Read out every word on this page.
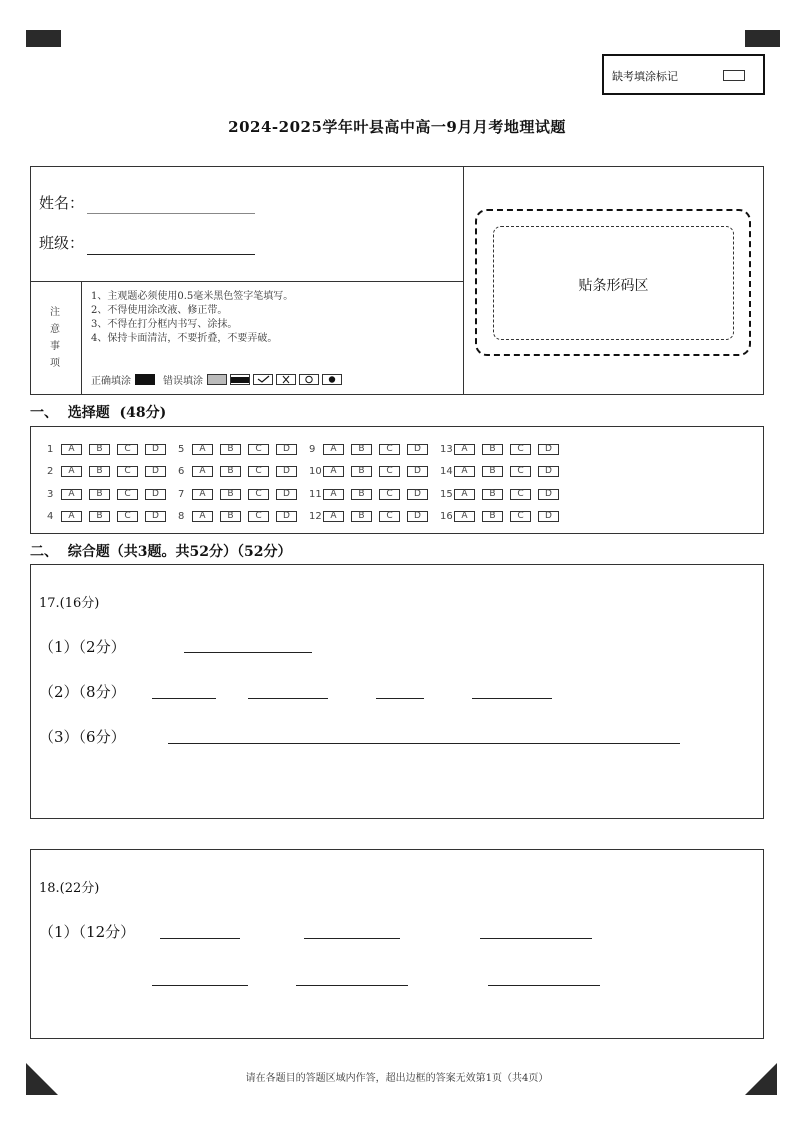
缺考填涂标记
2024-2025学年叶县高中高一9月月考地理试题
姓名：
班级：
注
意
事
项
1、主观题必须使用0.5毫米黑色签字笔填写。
2、不得使用涂改液、修正带。
3、不得在打分框内书写、涂抹。
4、保持卡面清洁，不要折叠，不要弄破。
正确填涂	错误填涂
贴条形码区
一、  选择题  (48分)
1	A	B	C	D	5	A	B	C	D	9	A	B	C	D	13 A	B	C	D
2	A	B	C	D	6	A	B	C	D	10 A	B	C	D	14 A	B	C	D
3	A	B	C	D	7	A	B	C	D	11 A	B	C	D	15 A	B	C	D
4	A	B	C	D	8	A	B	C	D	12 A	B	C	D	16 A	B	C	D
二、  综合题（共3题。共52分）（52分）
17.(16分)
（1）（2分）
（2）（8分）
（3）（6分）
18.(22分)
（1）（12分）
请在各题目的答题区域内作答，超出边框的答案无效第1页（共4页）
